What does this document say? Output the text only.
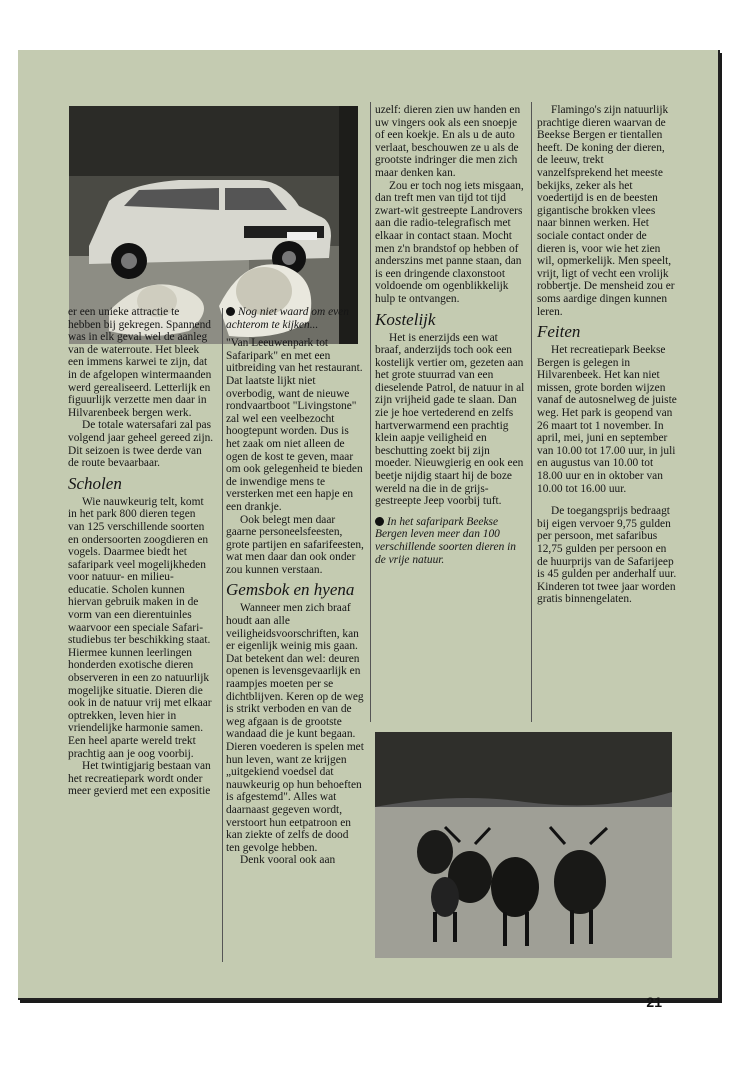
er een unieke attractie te hebben bij gekregen. Spannend was in elk geval wel de aanleg van de waterroute. Het bleek een immens karwei te zijn, dat in de afgelopen wintermaanden werd gerealiseerd. Letterlijk en figuurlijk verzette men daar in Hilvarenbeek bergen werk.

De totale watersafari zal pas volgend jaar geheel gereed zijn. Dit seizoen is twee derde van de route bevaarbaar.

Scholen

Wie nauwkeurig telt, komt in het park 800 dieren tegen van 125 verschillende soorten en ondersoorten zoogdieren en vogels. Daarmee biedt het safaripark veel mogelijkheden voor natuur- en milieu-educatie. Scholen kunnen hiervan gebruik maken in de vorm van een dierentuinles waarvoor een speciale Safari-studiebus ter beschikking staat. Hiermee kunnen leerlingen honderden exotische dieren observeren in een zo natuurlijk mogelijke situatie. Dieren die ook in de natuur vrij met elkaar optrekken, leven hier in vriendelijke harmonie samen. Een heel aparte wereld trekt prachtig aan je oog voorbij.

Het twintigjarig bestaan van het recreatiepark wordt onder meer gevierd met een expositie

Nog niet waard om even achterom te kijken...

"Van Leeuwenpark tot Safaripark" en met een uitbreiding van het restaurant. Dat laatste lijkt niet overbodig, want de nieuwe rondvaartboot "Livingstone" zal wel een veelbezocht hoogtepunt worden. Dus is het zaak om niet alleen de ogen de kost te geven, maar om ook gelegenheid te bieden de inwendige mens te versterken met een hapje en een drankje.

Ook belegt men daar gaarne personeelsfeesten, grote partijen en safarifeesten, wat men daar dan ook onder zou kunnen verstaan.

Gemsbok en hyena

Wanneer men zich braaf houdt aan alle veiligheidsvoorschriften, kan er eigenlijk weinig mis gaan. Dat betekent dan wel: deuren openen is levensgevaarlijk en raampjes moeten per se dichtblijven. Keren op de weg is strikt verboden en van de weg afgaan is de grootste wandaad die je kunt begaan. Dieren voederen is spelen met hun leven, want ze krijgen „uitgekiend voedsel dat nauwkeurig op hun behoeften is afgestemd". Alles wat daarnaast gegeven wordt, verstoort hun eetpatroon en kan ziekte of zelfs de dood ten gevolge hebben.

Denk vooral ook aan

uzelf: dieren zien uw handen en uw vingers ook als een snoepje of een koekje. En als u de auto verlaat, beschouwen ze u als de grootste indringer die men zich maar denken kan.

Zou er toch nog iets misgaan, dan treft men van tijd tot tijd zwart-wit gestreepte Landrovers aan die radio-telegrafisch met elkaar in contact staan. Mocht men z'n brandstof op hebben of anderszins met panne staan, dan is een dringende claxonstoot voldoende om ogenblikkelijk hulp te ontvangen.

Kostelijk

Het is enerzijds een wat braaf, anderzijds toch ook een kostelijk vertier om, gezeten aan het grote stuurrad van een dieselende Patrol, de natuur in al zijn vrijheid gade te slaan. Dan zie je hoe vertederend en zelfs hartverwarmend een prachtig klein aapje veiligheid en beschutting zoekt bij zijn moeder. Nieuwgierig en ook een beetje nijdig staart hij de boze wereld na die in de grijs-gestreepte Jeep voorbij tuft.

In het safaripark Beekse Bergen leven meer dan 100 verschillende soorten dieren in de vrije natuur.

Flamingo's zijn natuurlijk prachtige dieren waarvan de Beekse Bergen er tientallen heeft. De koning der dieren, de leeuw, trekt vanzelfsprekend het meeste bekijks, zeker als het voedertijd is en de beesten gigantische brokken vlees naar binnen werken. Het sociale contact onder de dieren is, voor wie het zien wil, opmerkelijk. Men speelt, vrijt, ligt of vecht een vrolijk robbertje. De mensheid zou er soms aardige dingen kunnen leren.

Feiten

Het recreatiepark Beekse Bergen is gelegen in Hilvarenbeek. Het kan niet missen, grote borden wijzen vanaf de autosnelweg de juiste weg. Het park is geopend van 26 maart tot 1 november. In april, mei, juni en september van 10.00 tot 17.00 uur, in juli en augustus van 10.00 tot 18.00 uur en in oktober van 10.00 tot 16.00 uur.

De toegangsprijs bedraagt bij eigen vervoer 9,75 gulden per persoon, met safaribus 12,75 gulden per persoon en de huurprijs van de Safarijeep is 45 gulden per anderhalf uur. Kinderen tot twee jaar worden gratis binnengelaten.

21
